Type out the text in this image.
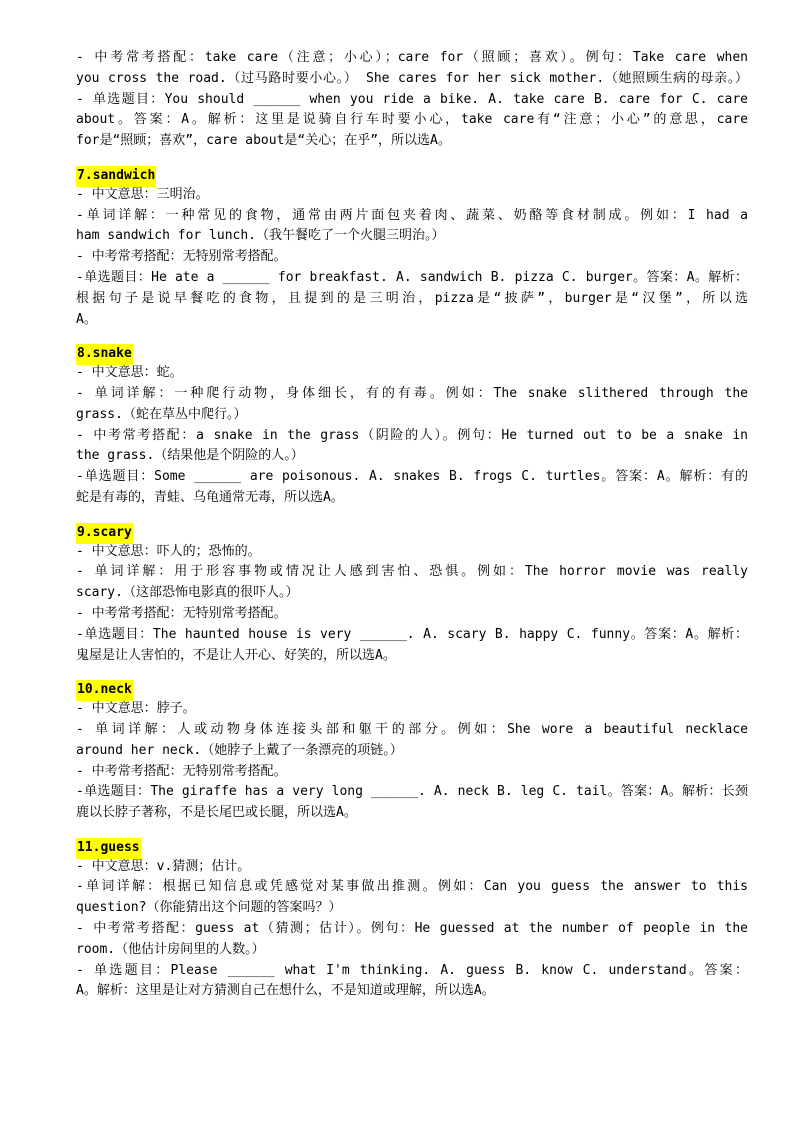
- 中考常考搭配：take care（注意；小心）；care for（照顾；喜欢）。例句：Take care when
you cross the road.（过马路时要小心。） She cares for her sick mother.（她照顾生病的母亲。）
- 单选题目：You should ______ when you ride a bike. A. take care B. care for C. care
about。答案：A。解析：这里是说骑自行车时要小心，take care有“注意；小心”的意思，care
for是“照顾；喜欢”，care about是“关心；在乎”，所以选A。
7.sandwich
- 中文意思：三明治。
-单词详解：一种常见的食物，通常由两片面包夹着肉、蔬菜、奶酪等食材制成。例如：I had a
ham sandwich for lunch.（我午餐吃了一个火腿三明治。）
- 中考常考搭配：无特别常考搭配。
-单选题目：He ate a ______ for breakfast. A. sandwich B. pizza C. burger。答案：A。解析：
根据句子是说早餐吃的食物，且提到的是三明治，pizza是“披萨”，burger是“汉堡”，所以选
A。
8.snake
- 中文意思：蛇。
- 单词详解：一种爬行动物，身体细长，有的有毒。例如：The snake slithered through the
grass.（蛇在草丛中爬行。）
- 中考常考搭配：a snake in the grass（阴险的人）。例句：He turned out to be a snake in
the grass.（结果他是个阴险的人。）
-单选题目：Some ______ are poisonous. A. snakes B. frogs C. turtles。答案：A。解析：有的
蛇是有毒的，青蛙、乌龟通常无毒，所以选A。
9.scary
- 中文意思：吓人的；恐怖的。
- 单词详解：用于形容事物或情况让人感到害怕、恐惧。例如：The horror movie was really
scary.（这部恐怖电影真的很吓人。）
- 中考常考搭配：无特别常考搭配。
-单选题目：The haunted house is very ______. A. scary B. happy C. funny。答案：A。解析：
鬼屋是让人害怕的，不是让人开心、好笑的，所以选A。
10.neck
- 中文意思：脖子。
- 单词详解：人或动物身体连接头部和躯干的部分。例如：She wore a beautiful necklace
around her neck.（她脖子上戴了一条漂亮的项链。）
- 中考常考搭配：无特别常考搭配。
-单选题目：The giraffe has a very long ______. A. neck B. leg C. tail。答案：A。解析：长颈
鹿以长脖子著称，不是长尾巴或长腿，所以选A。
11.guess
- 中文意思：v.猜测；估计。
-单词详解：根据已知信息或凭感觉对某事做出推测。例如：Can you guess the answer to this
question?（你能猜出这个问题的答案吗？）
- 中考常考搭配：guess at（猜测；估计）。例句：He guessed at the number of people in the
room.（他估计房间里的人数。）
- 单选题目：Please ______ what I'm thinking. A. guess B. know C. understand。答案：
A。解析：这里是让对方猜测自己在想什么，不是知道或理解，所以选A。
